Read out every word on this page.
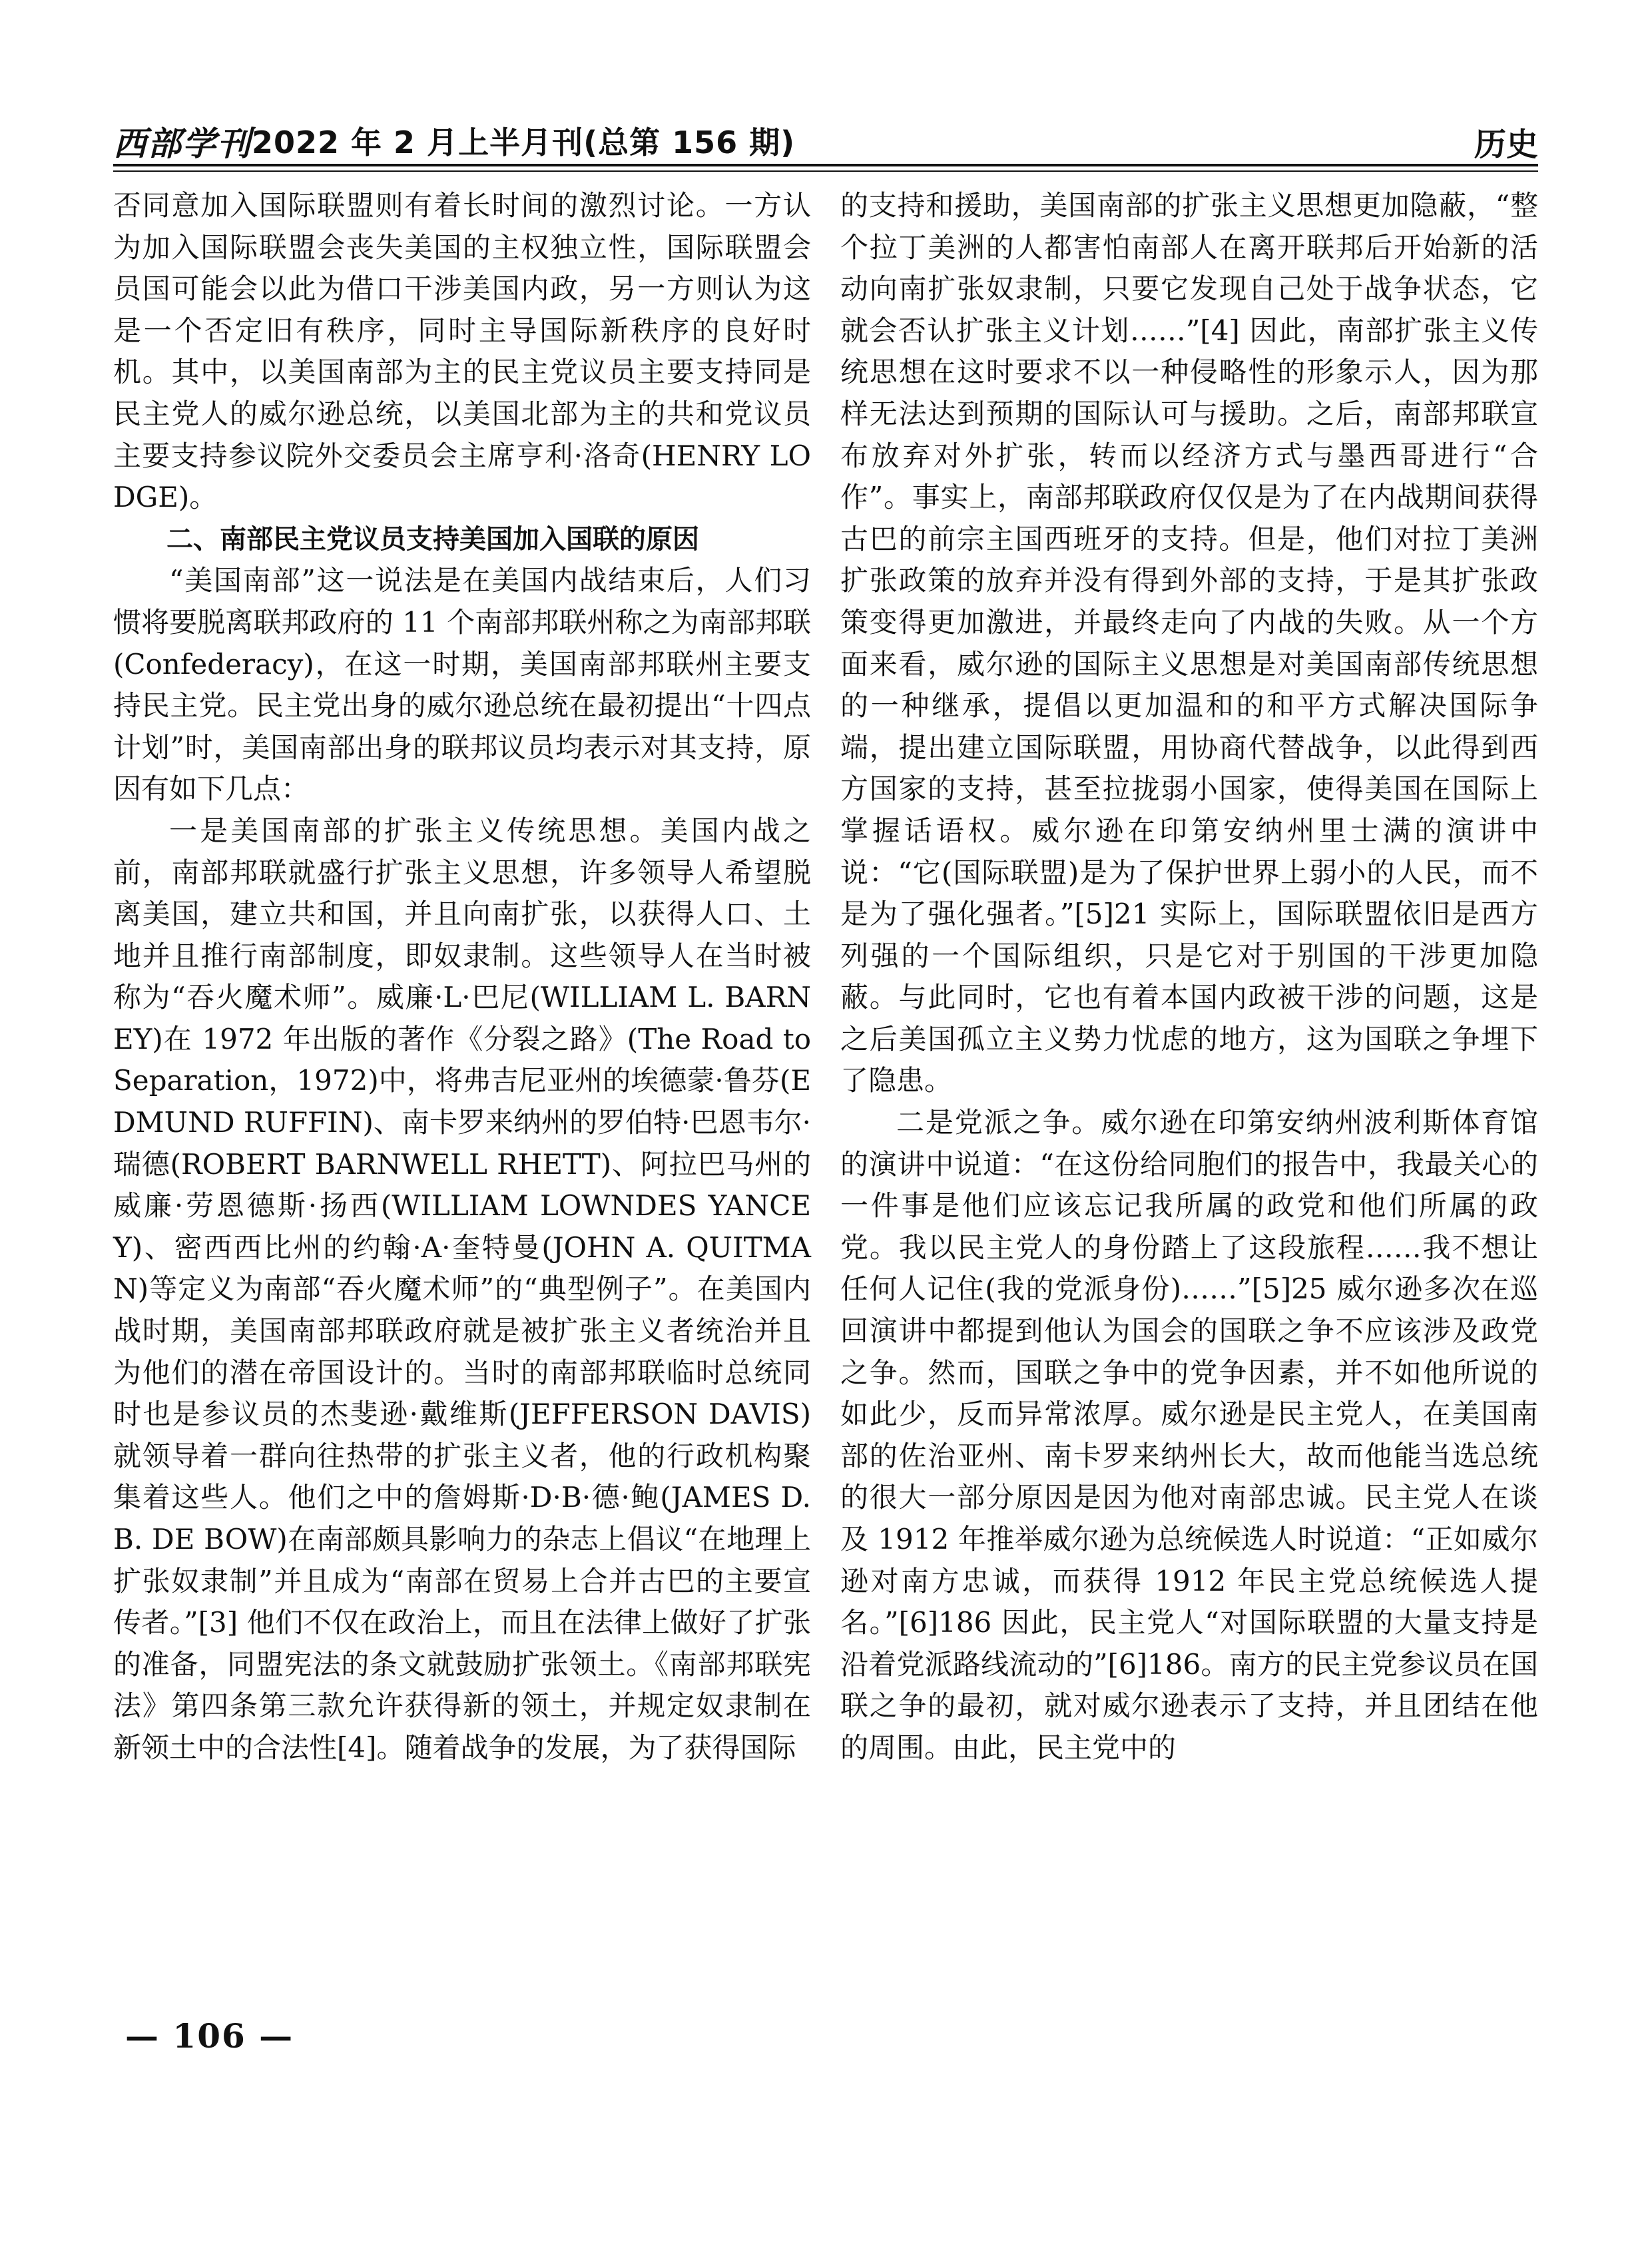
西部学刊 2022 年 2 月上半月刊(总第 156 期)	历史

否同意加入国际联盟则有着长时间的激烈讨论。一方认为加入国际联盟会丧失美国的主权独立性，国际联盟会员国可能会以此为借口干涉美国内政，另一方则认为这是一个否定旧有秩序，同时主导国际新秩序的良好时机。其中，以美国南部为主的民主党议员主要支持同是民主党人的威尔逊总统，以美国北部为主的共和党议员主要支持参议院外交委员会主席亨利·洛奇(HENRY LODGE)。

二、南部民主党议员支持美国加入国联的原因

“美国南部”这一说法是在美国内战结束后，人们习惯将要脱离联邦政府的 11 个南部邦联州称之为南部邦联(Confederacy)，在这一时期，美国南部邦联州主要支持民主党。民主党出身的威尔逊总统在最初提出“十四点计划”时，美国南部出身的联邦议员均表示对其支持，原因有如下几点：

一是美国南部的扩张主义传统思想。美国内战之前，南部邦联就盛行扩张主义思想，许多领导人希望脱离美国，建立共和国，并且向南扩张，以获得人口、土地并且推行南部制度，即奴隶制。这些领导人在当时被称为“吞火魔术师”。威廉·L·巴尼(WILLIAM L. BARNEY)在 1972 年出版的著作《分裂之路》(The Road to Separation，1972)中，将弗吉尼亚州的埃德蒙·鲁芬(EDMUND RUFFIN)、南卡罗来纳州的罗伯特·巴恩韦尔·瑞德(ROBERT BARNWELL RHETT)、阿拉巴马州的威廉·劳恩德斯·扬西(WILLIAM LOWNDES YANCEY)、密西西比州的约翰·A·奎特曼(JOHN A. QUITMAN)等定义为南部“吞火魔术师”的“典型例子”。在美国内战时期，美国南部邦联政府就是被扩张主义者统治并且为他们的潜在帝国设计的。当时的南部邦联临时总统同时也是参议员的杰斐逊·戴维斯(JEFFERSON DAVIS)就领导着一群向往热带的扩张主义者，他的行政机构聚集着这些人。他们之中的詹姆斯·D·B·德·鲍(JAMES D. B. DE BOW)在南部颇具影响力的杂志上倡议“在地理上扩张奴隶制”并且成为“南部在贸易上合并古巴的主要宣传者。”[3] 他们不仅在政治上，而且在法律上做好了扩张的准备，同盟宪法的条文就鼓励扩张领土。《南部邦联宪法》第四条第三款允许获得新的领土，并规定奴隶制在新领土中的合法性[4]。随着战争的发展，为了获得国际

的支持和援助，美国南部的扩张主义思想更加隐蔽，“整个拉丁美洲的人都害怕南部人在离开联邦后开始新的活动向南扩张奴隶制，只要它发现自己处于战争状态，它就会否认扩张主义计划……”[4] 因此，南部扩张主义传统思想在这时要求不以一种侵略性的形象示人，因为那样无法达到预期的国际认可与援助。之后，南部邦联宣布放弃对外扩张，转而以经济方式与墨西哥进行“合作”。事实上，南部邦联政府仅仅是为了在内战期间获得古巴的前宗主国西班牙的支持。但是，他们对拉丁美洲扩张政策的放弃并没有得到外部的支持，于是其扩张政策变得更加激进，并最终走向了内战的失败。从一个方面来看，威尔逊的国际主义思想是对美国南部传统思想的一种继承，提倡以更加温和的和平方式解决国际争端，提出建立国际联盟，用协商代替战争，以此得到西方国家的支持，甚至拉拢弱小国家，使得美国在国际上掌握话语权。威尔逊在印第安纳州里士满的演讲中说：“它(国际联盟)是为了保护世界上弱小的人民，而不是为了强化强者。”[5]21 实际上，国际联盟依旧是西方列强的一个国际组织，只是它对于别国的干涉更加隐蔽。与此同时，它也有着本国内政被干涉的问题，这是之后美国孤立主义势力忧虑的地方，这为国联之争埋下了隐患。

二是党派之争。威尔逊在印第安纳州波利斯体育馆的演讲中说道：“在这份给同胞们的报告中，我最关心的一件事是他们应该忘记我所属的政党和他们所属的政党。我以民主党人的身份踏上了这段旅程……我不想让任何人记住(我的党派身份)……”[5]25 威尔逊多次在巡回演讲中都提到他认为国会的国联之争不应该涉及政党之争。然而，国联之争中的党争因素，并不如他所说的如此少，反而异常浓厚。威尔逊是民主党人，在美国南部的佐治亚州、南卡罗来纳州长大，故而他能当选总统的很大一部分原因是因为他对南部忠诚。民主党人在谈及 1912 年推举威尔逊为总统候选人时说道：“正如威尔逊对南方忠诚，而获得 1912 年民主党总统候选人提名。”[6]186 因此，民主党人“对国际联盟的大量支持是沿着党派路线流动的”[6]186。南方的民主党参议员在国联之争的最初，就对威尔逊表示了支持，并且团结在他的周围。由此，民主党中的

— 106 —
